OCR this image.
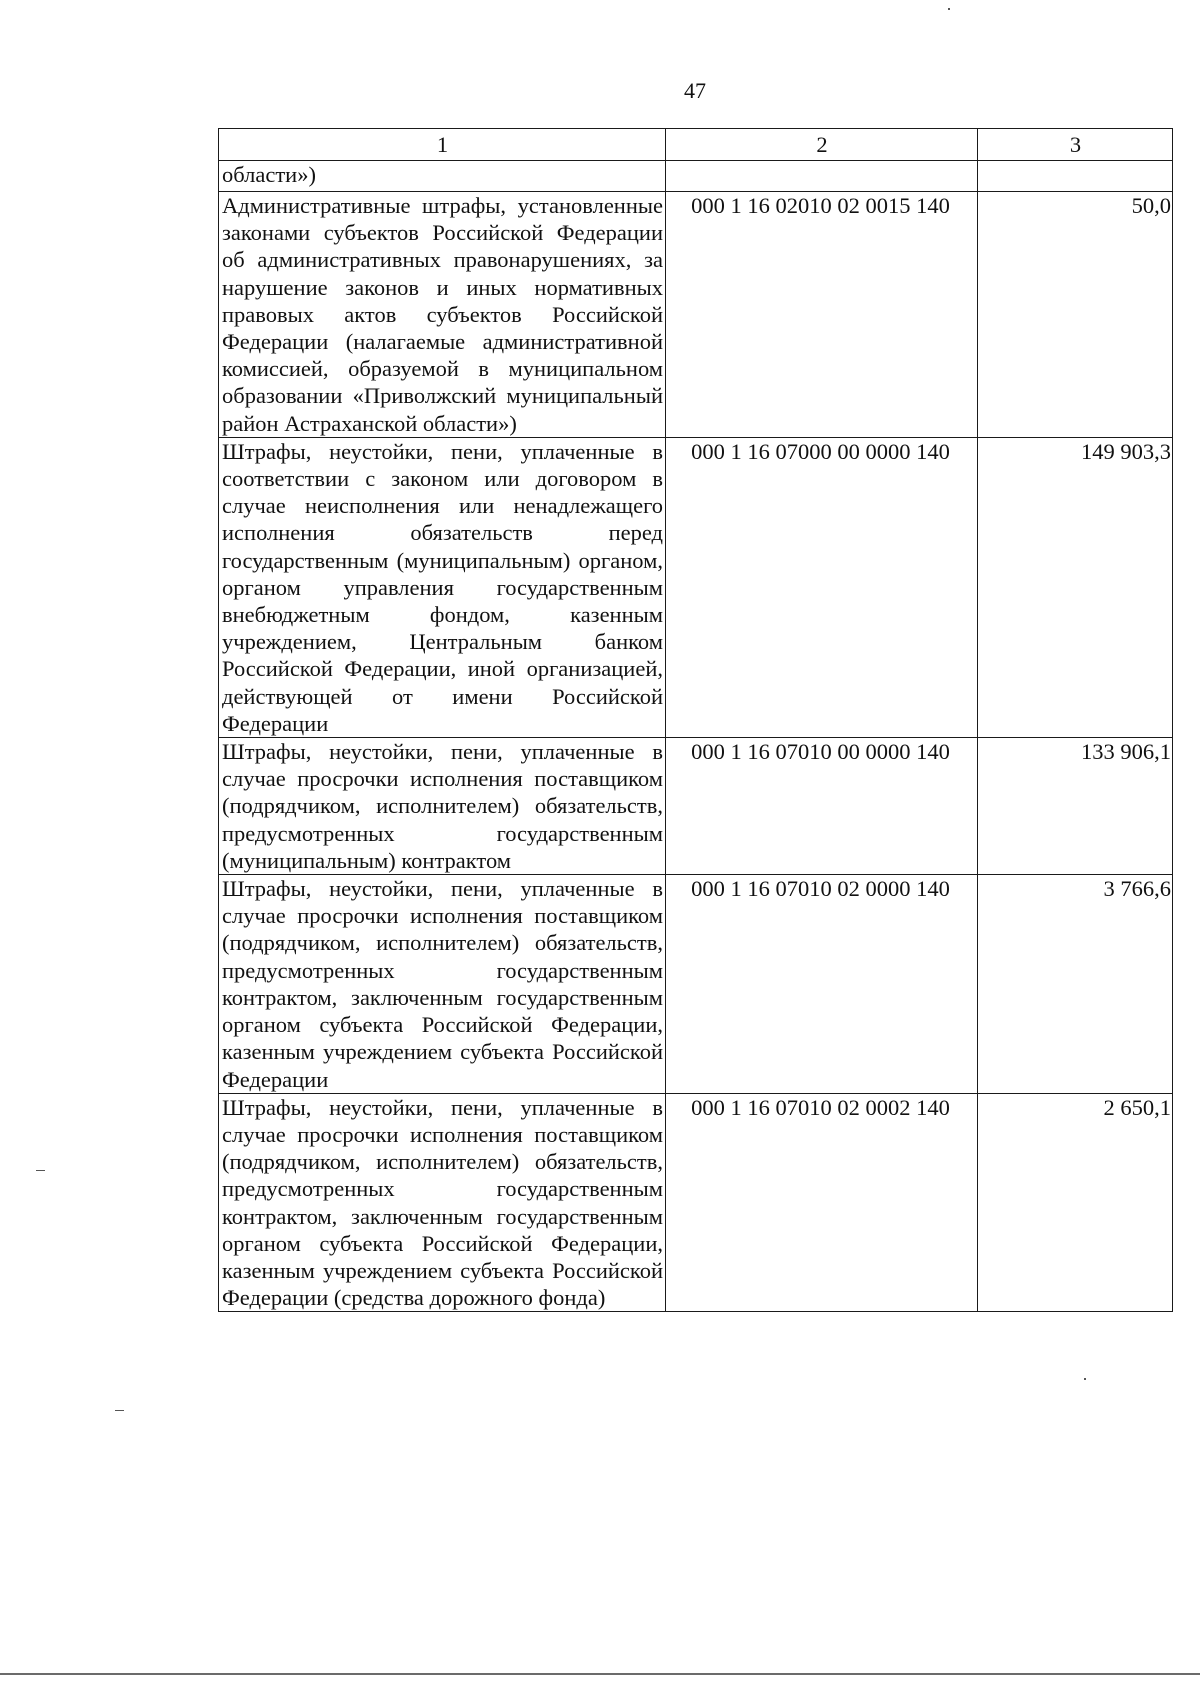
47
1	2	3
области»)		
Административные штрафы, установленные законами субъектов Российской Федерации об административных правонарушениях, за нарушение законов и иных нормативных правовых актов субъектов Российской Федерации (налагаемые административной комиссией, образуемой в муниципальном образовании «Приволжский муниципальный район Астраханской области»)	000 1 16 02010 02 0015 140	50,0
Штрафы, неустойки, пени, уплаченные в соответствии с законом или договором в случае неисполнения или ненадлежащего исполнения обязательств перед государственным (муниципальным) органом, органом управления государственным внебюджетным фондом, казенным учреждением, Центральным банком Российской Федерации, иной организацией, действующей от имени Российской Федерации	000 1 16 07000 00 0000 140	149 903,3
Штрафы, неустойки, пени, уплаченные в случае просрочки исполнения поставщиком (подрядчиком, исполнителем) обязательств, предусмотренных государственным (муниципальным) контрактом	000 1 16 07010 00 0000 140	133 906,1
Штрафы, неустойки, пени, уплаченные в случае просрочки исполнения поставщиком (подрядчиком, исполнителем) обязательств, предусмотренных государственным контрактом, заключенным государственным органом субъекта Российской Федерации, казенным учреждением субъекта Российской Федерации	000 1 16 07010 02 0000 140	3 766,6
Штрафы, неустойки, пени, уплаченные в случае просрочки исполнения поставщиком (подрядчиком, исполнителем) обязательств, предусмотренных государственным контрактом, заключенным государственным органом субъекта Российской Федерации, казенным учреждением субъекта Российской Федерации (средства дорожного фонда)	000 1 16 07010 02 0002 140	2 650,1
